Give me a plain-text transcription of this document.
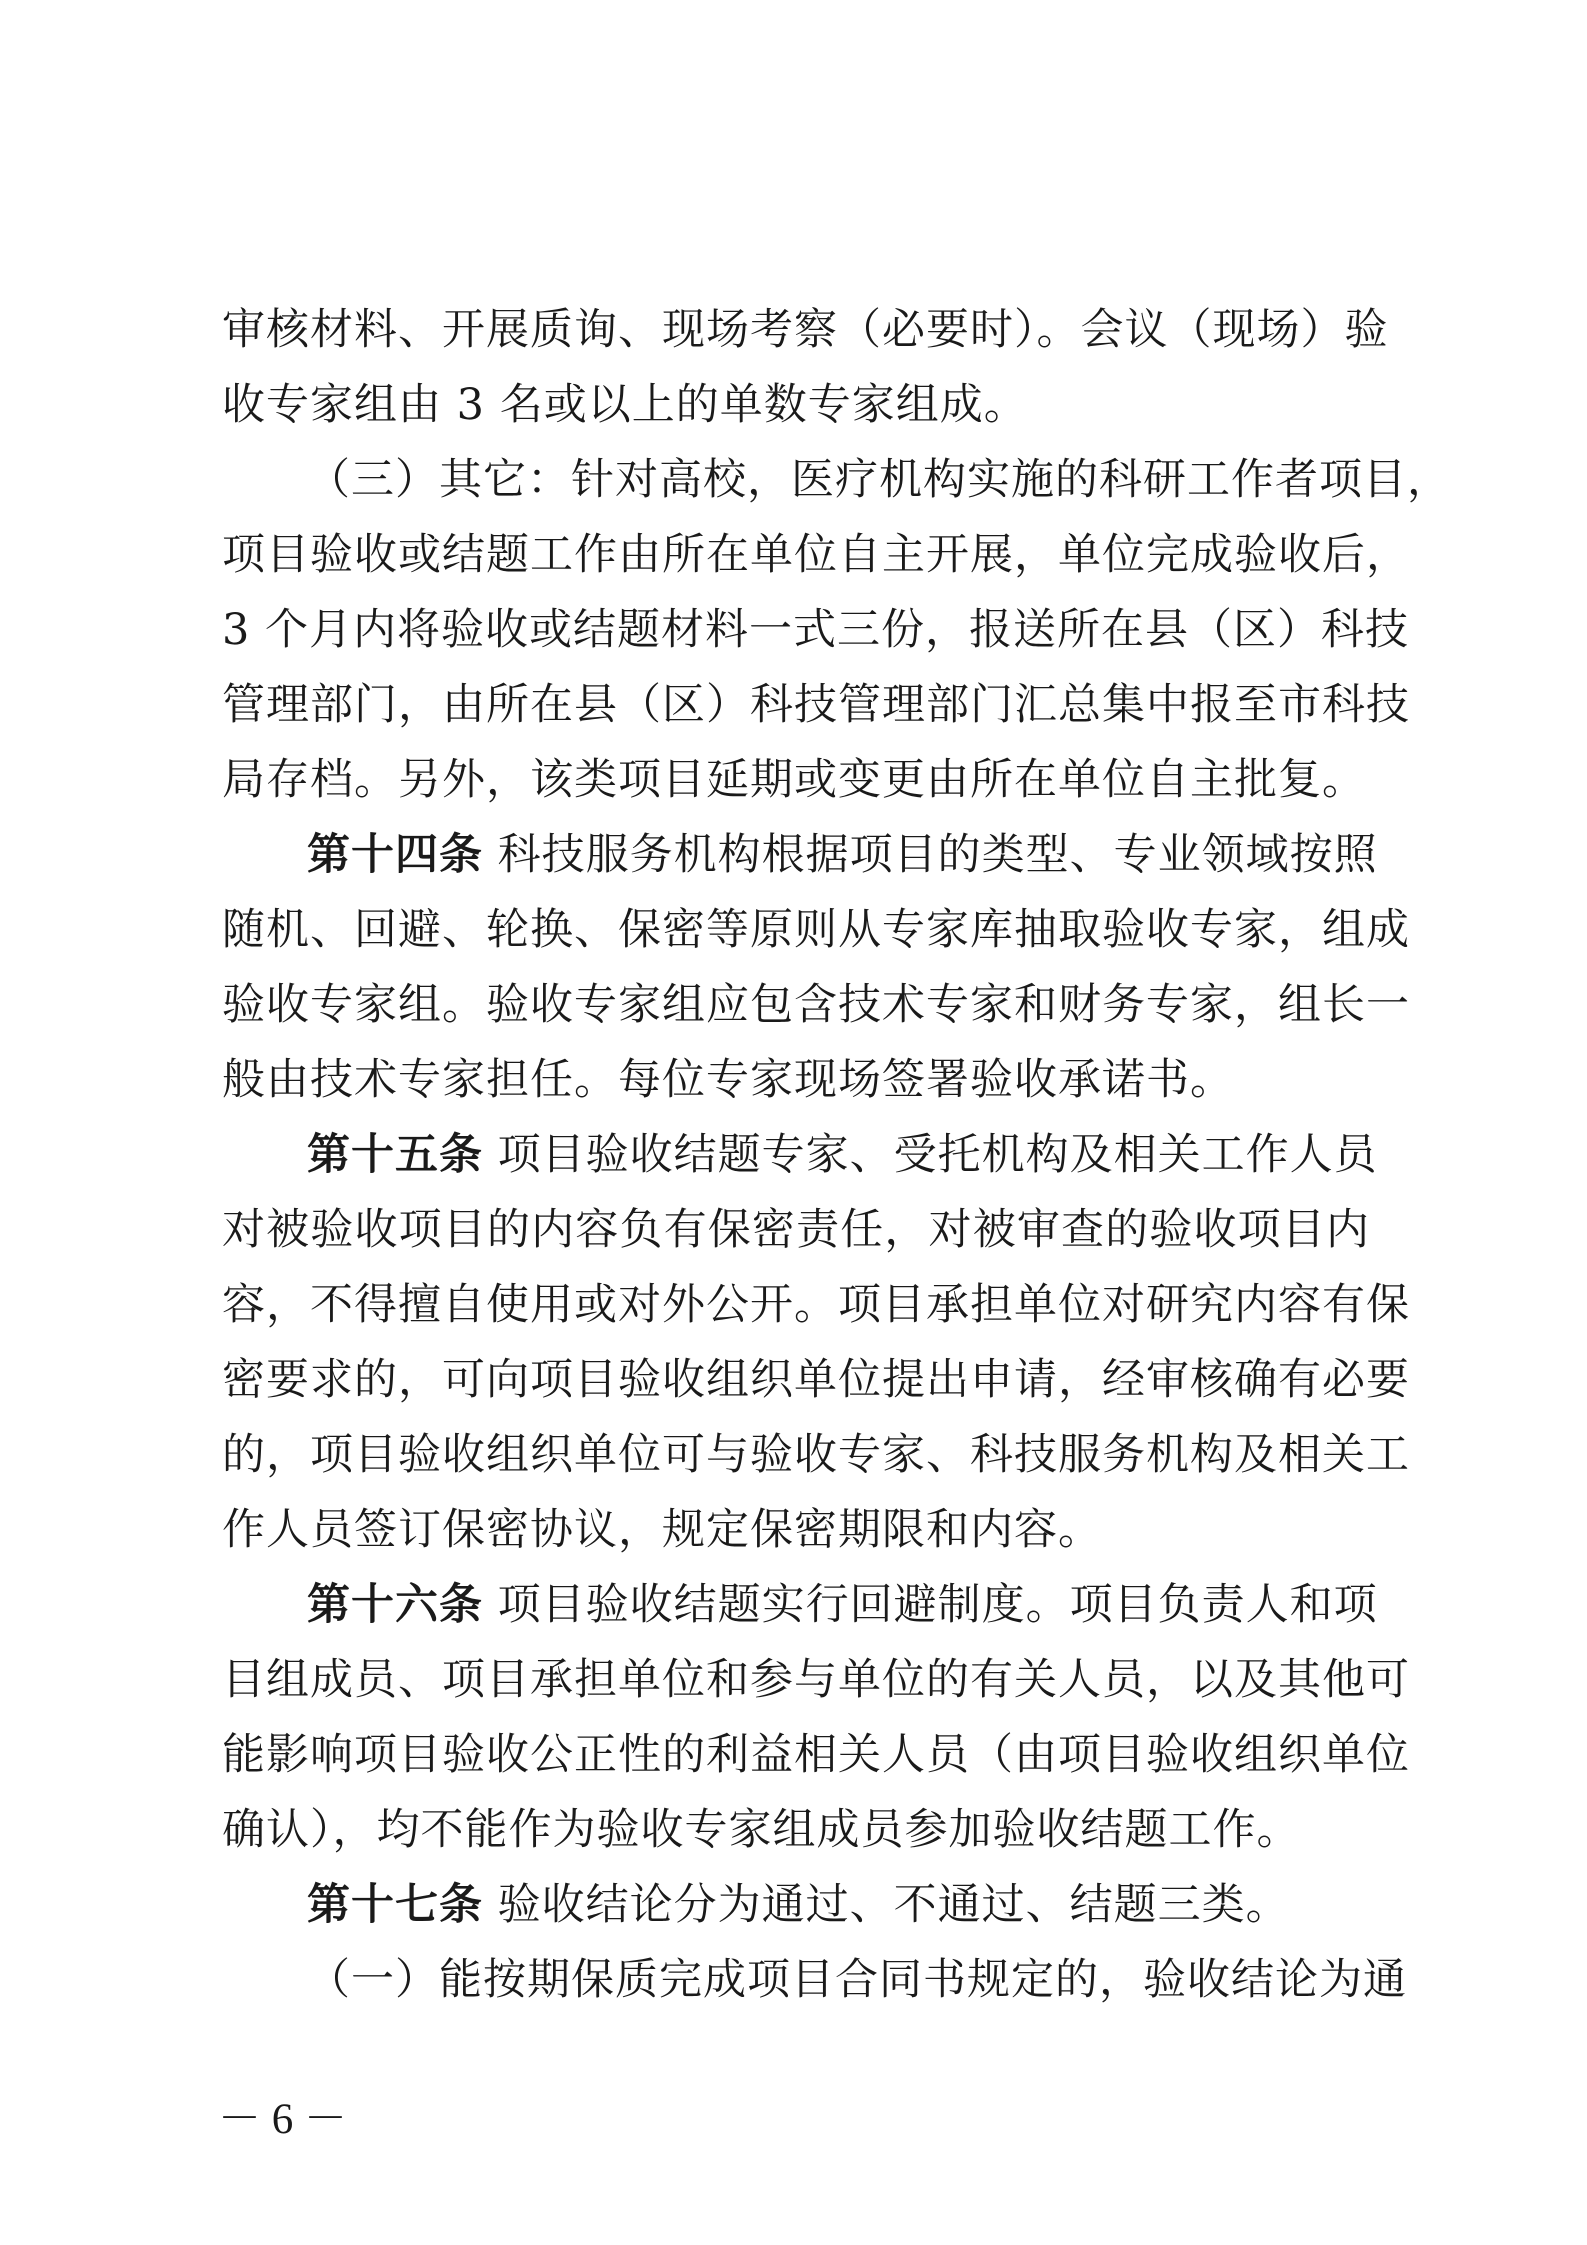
审核材料、开展质询、现场考察（必要时）。会议（现场）验
收专家组由 3 名或以上的单数专家组成。
（三）其它：针对高校，医疗机构实施的科研工作者项目，
项目验收或结题工作由所在单位自主开展，单位完成验收后，
3 个月内将验收或结题材料一式三份，报送所在县（区）科技
管理部门，由所在县（区）科技管理部门汇总集中报至市科技
局存档。另外，该类项目延期或变更由所在单位自主批复。
第十四条 科技服务机构根据项目的类型、专业领域按照
随机、回避、轮换、保密等原则从专家库抽取验收专家，组成
验收专家组。验收专家组应包含技术专家和财务专家，组长一
般由技术专家担任。每位专家现场签署验收承诺书。
第十五条 项目验收结题专家、受托机构及相关工作人员
对被验收项目的内容负有保密责任，对被审查的验收项目内
容，不得擅自使用或对外公开。项目承担单位对研究内容有保
密要求的，可向项目验收组织单位提出申请，经审核确有必要
的，项目验收组织单位可与验收专家、科技服务机构及相关工
作人员签订保密协议，规定保密期限和内容。
第十六条 项目验收结题实行回避制度。项目负责人和项
目组成员、项目承担单位和参与单位的有关人员，以及其他可
能影响项目验收公正性的利益相关人员（由项目验收组织单位
确认），均不能作为验收专家组成员参加验收结题工作。
第十七条 验收结论分为通过、不通过、结题三类。
（一）能按期保质完成项目合同书规定的，验收结论为通
－ 6 －
